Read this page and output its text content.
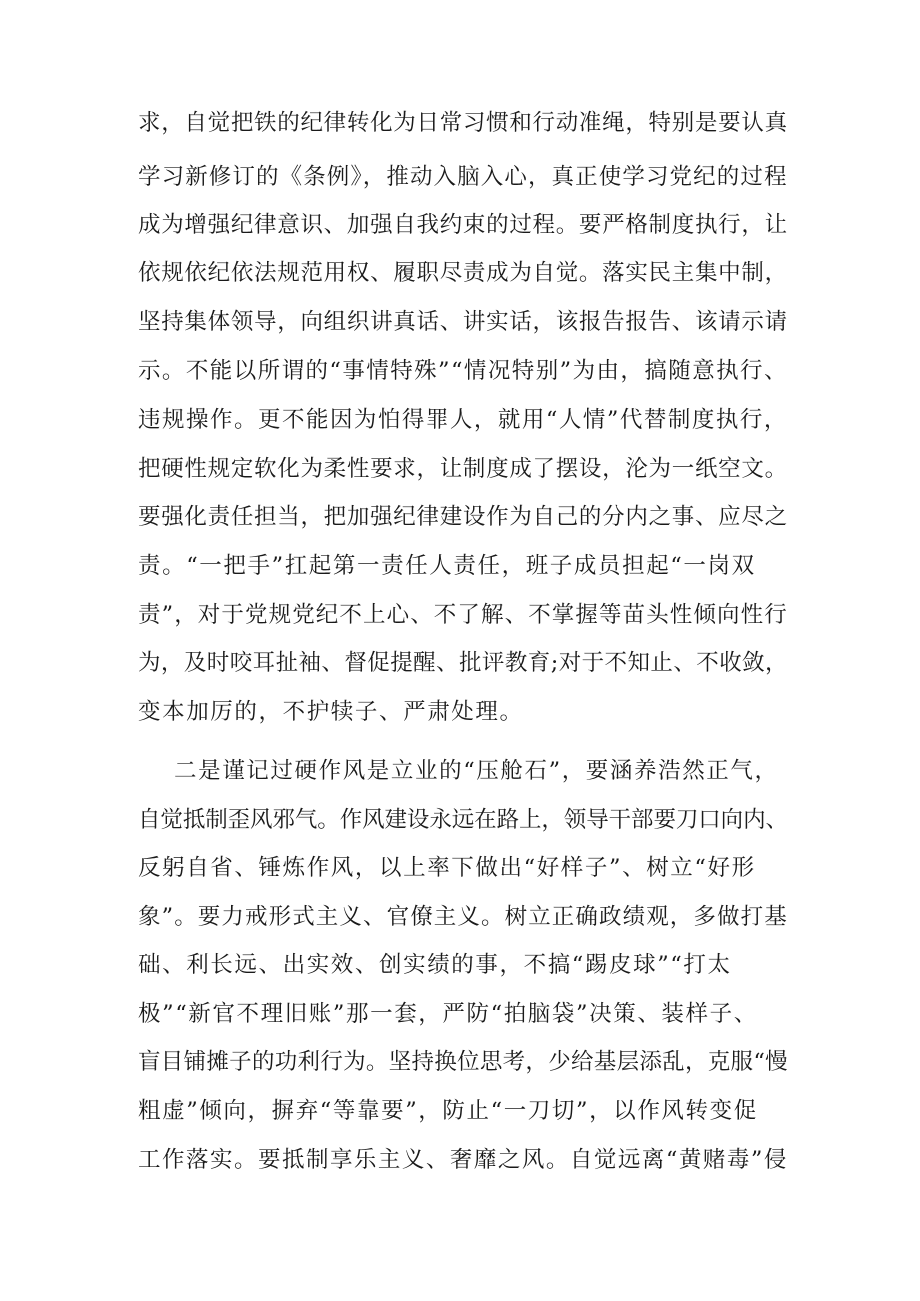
求，自觉把铁的纪律转化为日常习惯和行动准绳，特别是要认真
学习新修订的《条例》，推动入脑入心，真正使学习党纪的过程
成为增强纪律意识、加强自我约束的过程。要严格制度执行，让
依规依纪依法规范用权、履职尽责成为自觉。落实民主集中制，
坚持集体领导，向组织讲真话、讲实话，该报告报告、该请示请
示。不能以所谓的“事情特殊”“情况特别”为由，搞随意执行、
违规操作。更不能因为怕得罪人，就用“人情”代替制度执行，
把硬性规定软化为柔性要求，让制度成了摆设，沦为一纸空文。
要强化责任担当，把加强纪律建设作为自己的分内之事、应尽之
责。“一把手”扛起第一责任人责任，班子成员担起“一岗双
责”，对于党规党纪不上心、不了解、不掌握等苗头性倾向性行
为，及时咬耳扯袖、督促提醒、批评教育;对于不知止、不收敛，
变本加厉的，不护犊子、严肃处理。
二是谨记过硬作风是立业的“压舱石”，要涵养浩然正气，
自觉抵制歪风邪气。作风建设永远在路上，领导干部要刀口向内、
反躬自省、锤炼作风，以上率下做出“好样子”、树立“好形
象”。要力戒形式主义、官僚主义。树立正确政绩观，多做打基
础、利长远、出实效、创实绩的事，不搞“踢皮球”“打太
极”“新官不理旧账”那一套，严防“拍脑袋”决策、装样子、
盲目铺摊子的功利行为。坚持换位思考，少给基层添乱，克服“慢
粗虚”倾向，摒弃“等靠要”，防止“一刀切”，以作风转变促
工作落实。要抵制享乐主义、奢靡之风。自觉远离“黄赌毒”侵
